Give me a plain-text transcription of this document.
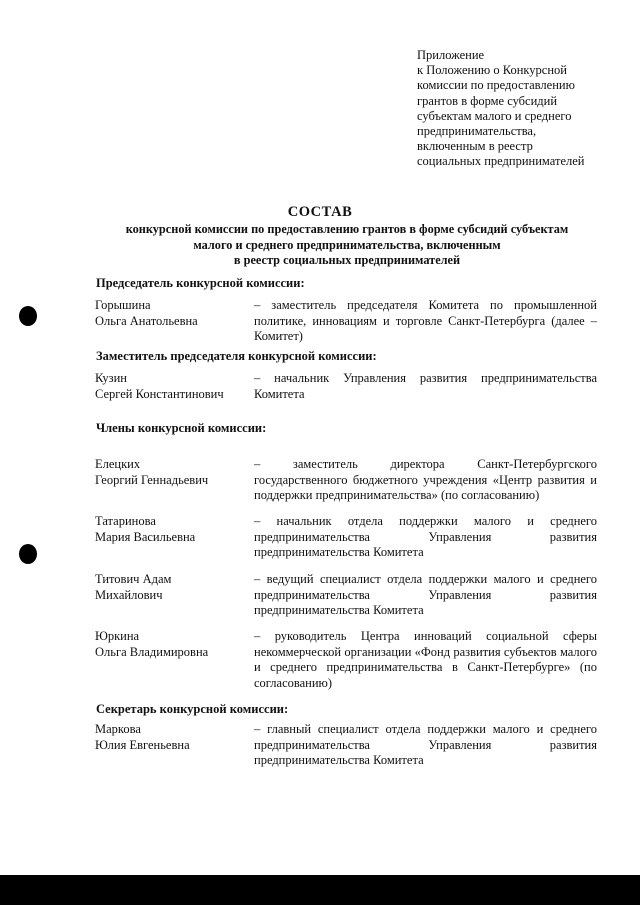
Приложение
к Положению о Конкурсной
комиссии по предоставлению
грантов в форме субсидий
субъектам малого и среднего
предпринимательства,
включенным в реестр
социальных предпринимателей
СОСТАВ
конкурсной комиссии по предоставлению грантов в форме субсидий субъектам
малого и среднего предпринимательства, включенным
в реестр социальных предпринимателей
Председатель конкурсной комиссии:
Горышина
Ольга Анатольевна
– заместитель председателя Комитета по промышленной политике, инновациям и торговле Санкт-Петербурга (далее – Комитет)
Заместитель председателя конкурсной комиссии:
Кузин
Сергей Константинович
– начальник Управления развития предпринимательства Комитета
Члены конкурсной комиссии:
Елецких
Георгий Геннадьевич
– заместитель директора Санкт-Петербургского государственного бюджетного учреждения «Центр развития и поддержки предпринимательства» (по согласованию)
Татаринова
Мария Васильевна
– начальник отдела поддержки малого и среднего предпринимательства Управления развития предпринимательства Комитета
Титович Адам
Михайлович
– ведущий специалист отдела поддержки малого и среднего предпринимательства Управления развития предпринимательства Комитета
Юркина
Ольга Владимировна
– руководитель Центра инноваций социальной сферы некоммерческой организации «Фонд развития субъектов малого и среднего предпринимательства в Санкт-Петербурге» (по согласованию)
Секретарь конкурсной комиссии:
Маркова
Юлия Евгеньевна
– главный специалист отдела поддержки малого и среднего предпринимательства Управления развития предпринимательства Комитета
